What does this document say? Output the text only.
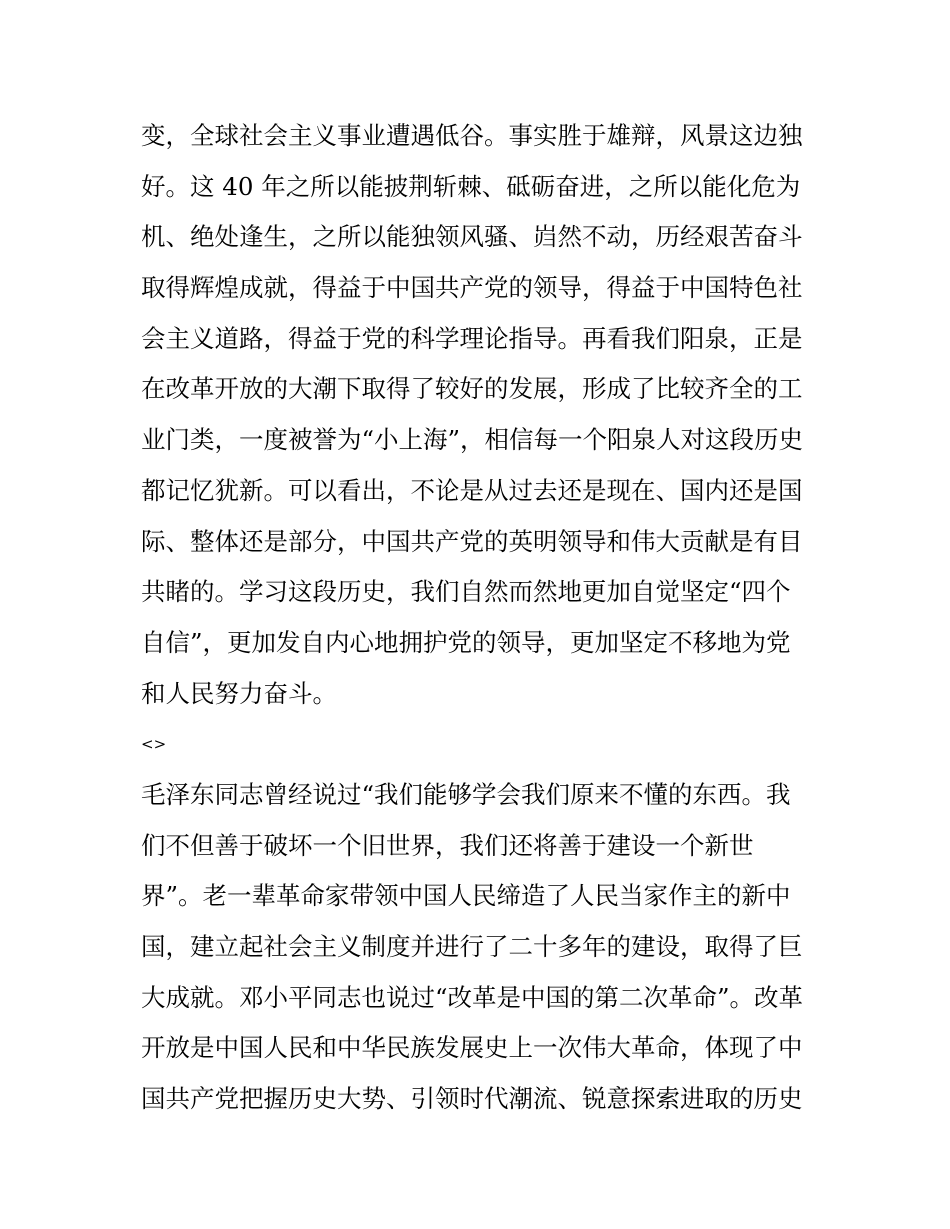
变，全球社会主义事业遭遇低谷。事实胜于雄辩，风景这边独
好。这 40 年之所以能披荆斩棘、砥砺奋进，之所以能化危为
机、绝处逢生，之所以能独领风骚、岿然不动，历经艰苦奋斗
取得辉煌成就，得益于中国共产党的领导，得益于中国特色社
会主义道路，得益于党的科学理论指导。再看我们阳泉，正是
在改革开放的大潮下取得了较好的发展，形成了比较齐全的工
业门类，一度被誉为“小上海”，相信每一个阳泉人对这段历史
都记忆犹新。可以看出，不论是从过去还是现在、国内还是国
际、整体还是部分，中国共产党的英明领导和伟大贡献是有目
共睹的。学习这段历史，我们自然而然地更加自觉坚定“四个
自信”，更加发自内心地拥护党的领导，更加坚定不移地为党
和人民努力奋斗。
<>
毛泽东同志曾经说过“我们能够学会我们原来不懂的东西。我
们不但善于破坏一个旧世界，我们还将善于建设一个新世
界”。老一辈革命家带领中国人民缔造了人民当家作主的新中
国，建立起社会主义制度并进行了二十多年的建设，取得了巨
大成就。邓小平同志也说过“改革是中国的第二次革命”。改革
开放是中国人民和中华民族发展史上一次伟大革命，体现了中
国共产党把握历史大势、引领时代潮流、锐意探索进取的历史
